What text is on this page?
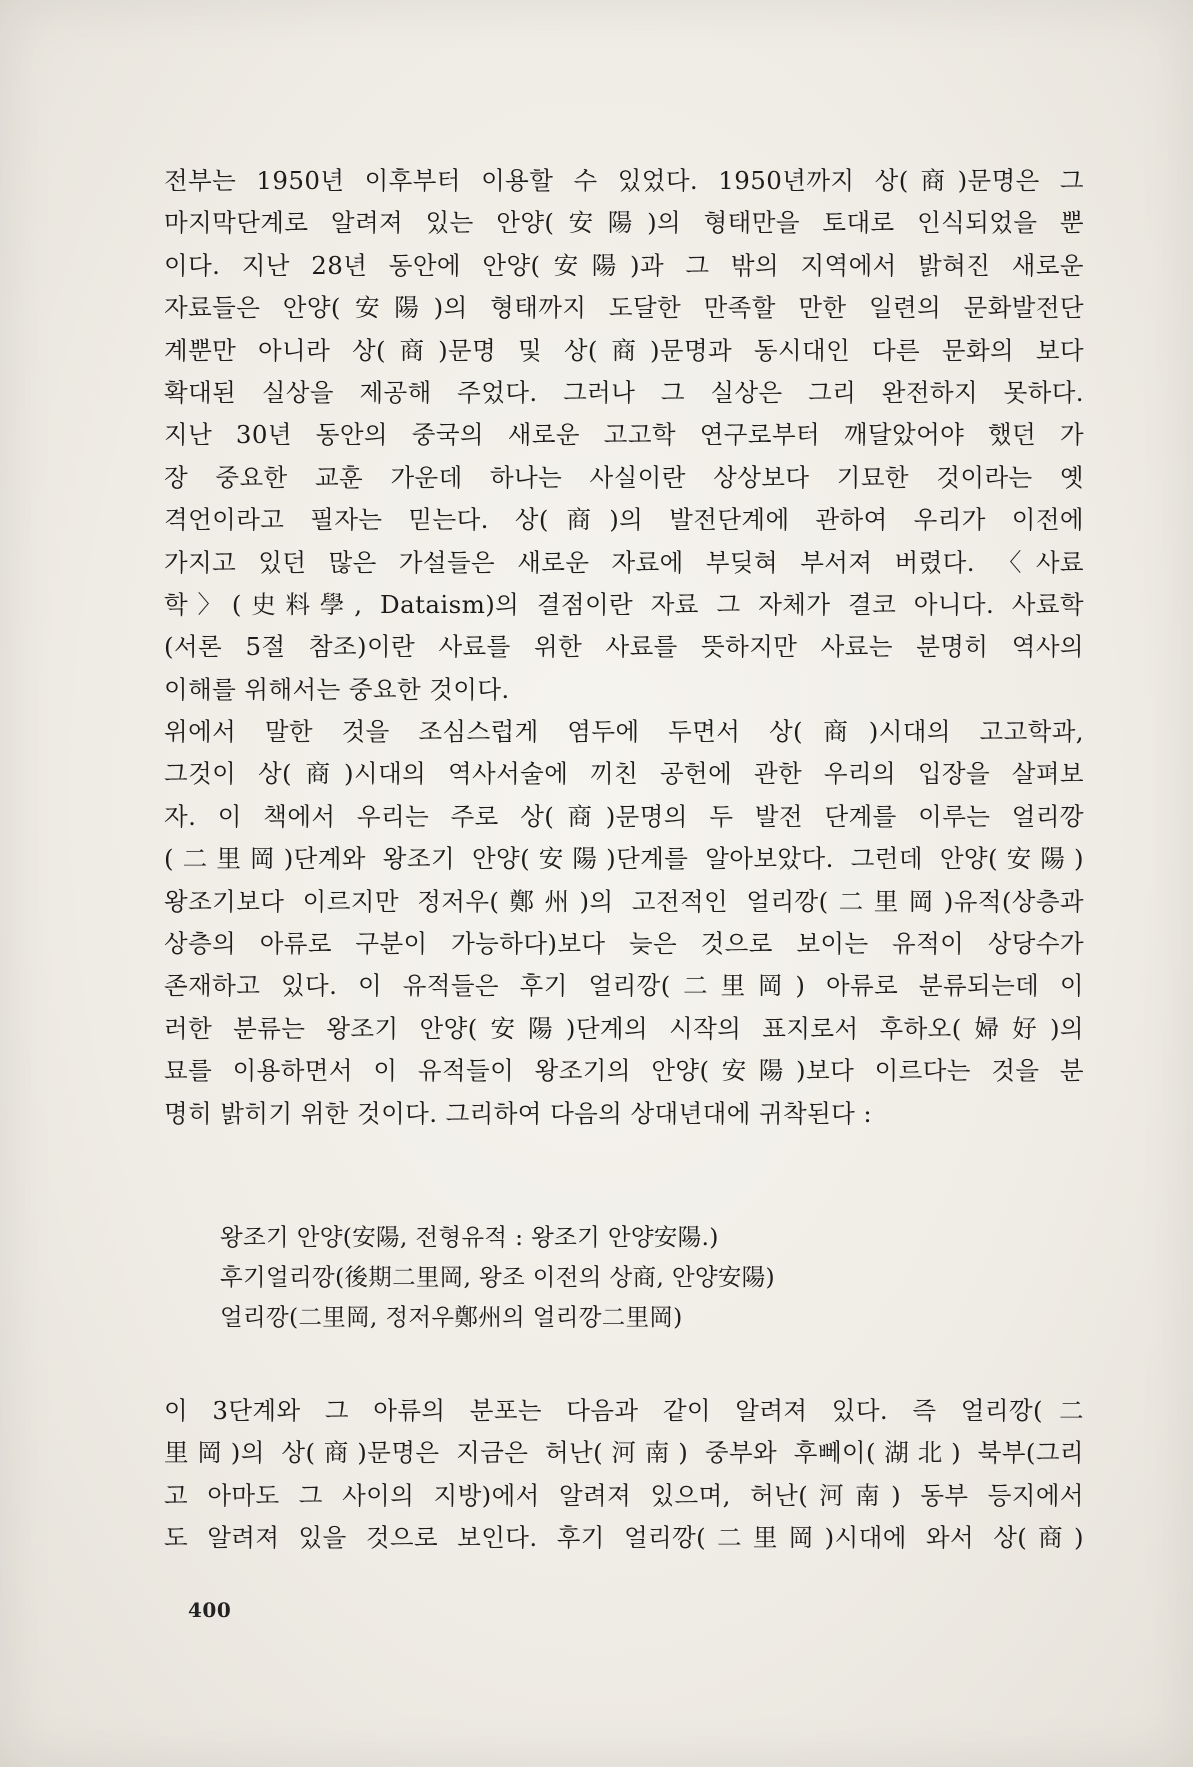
전부는 1950년 이후부터 이용할 수 있었다. 1950년까지 상(商)문명은 그
마지막단계로 알려져 있는 안양(安陽)의 형태만을 토대로 인식되었을 뿐
이다. 지난 28년 동안에 안양(安陽)과 그 밖의 지역에서 밝혀진 새로운
자료들은 안양(安陽)의 형태까지 도달한 만족할 만한 일련의 문화발전단
계뿐만 아니라 상(商)문명 및 상(商)문명과 동시대인 다른 문화의 보다
확대된 실상을 제공해 주었다. 그러나 그 실상은 그리 완전하지 못하다.
지난 30년 동안의 중국의 새로운 고고학 연구로부터 깨달았어야 했던 가
장 중요한 교훈 가운데 하나는 사실이란 상상보다 기묘한 것이라는 옛
격언이라고 필자는 믿는다. 상(商)의 발전단계에 관하여 우리가 이전에
가지고 있던 많은 가설들은 새로운 자료에 부딪혀 부서져 버렸다. 〈사료
학〉(史料學, Dataism)의 결점이란 자료 그 자체가 결코 아니다. 사료학
(서론 5절 참조)이란 사료를 위한 사료를 뜻하지만 사료는 분명히 역사의
이해를 위해서는 중요한 것이다.
위에서 말한 것을 조심스럽게 염두에 두면서 상(商)시대의 고고학과,
그것이 상(商)시대의 역사서술에 끼친 공헌에 관한 우리의 입장을 살펴보
자. 이 책에서 우리는 주로 상(商)문명의 두 발전 단계를 이루는 얼리깡
(二里岡)단계와 왕조기 안양(安陽)단계를 알아보았다. 그런데 안양(安陽)
왕조기보다 이르지만 정저우(鄭州)의 고전적인 얼리깡(二里岡)유적(상층과
상층의 아류로 구분이 가능하다)보다 늦은 것으로 보이는 유적이 상당수가
존재하고 있다. 이 유적들은 후기 얼리깡(二里岡) 아류로 분류되는데 이
러한 분류는 왕조기 안양(安陽)단계의 시작의 표지로서 후하오(婦好)의
묘를 이용하면서 이 유적들이 왕조기의 안양(安陽)보다 이르다는 것을 분
명히 밝히기 위한 것이다. 그리하여 다음의 상대년대에 귀착된다 :
왕조기 안양(安陽, 전형유적 : 왕조기 안양安陽.)
후기얼리깡(後期二里岡, 왕조 이전의 상商, 안양安陽)
얼리깡(二里岡, 정저우鄭州의 얼리깡二里岡)
이 3단계와 그 아류의 분포는 다음과 같이 알려져 있다. 즉 얼리깡(二
里岡)의 상(商)문명은 지금은 허난(河南) 중부와 후뻬이(湖北) 북부(그리
고 아마도 그 사이의 지방)에서 알려져 있으며, 허난(河南) 동부 등지에서
도 알려져 있을 것으로 보인다. 후기 얼리깡(二里岡)시대에 와서 상(商)
400
